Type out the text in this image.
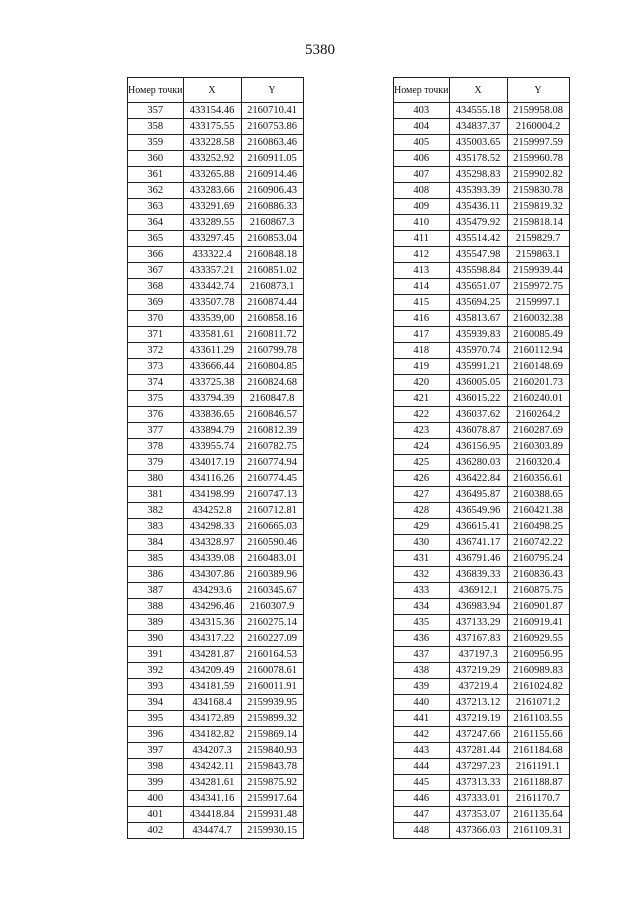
5380
Номер точки	X	Y
357	433154.46	2160710.41
358	433175.55	2160753.86
359	433228.58	2160863.46
360	433252.92	2160911.05
361	433265.88	2160914.46
362	433283.66	2160906.43
363	433291.69	2160886.33
364	433289.55	2160867.3
365	433297.45	2160853.04
366	433322.4	2160848.18
367	433357.21	2160851.02
368	433442.74	2160873.1
369	433507.78	2160874.44
370	433539,00	2160858.16
371	433581.61	2160811.72
372	433611.29	2160799.78
373	433666.44	2160804.85
374	433725.38	2160824.68
375	433794.39	2160847.8
376	433836.65	2160846.57
377	433894.79	2160812.39
378	433955.74	2160782.75
379	434017.19	2160774.94
380	434116.26	2160774.45
381	434198.99	2160747.13
382	434252.8	2160712.81
383	434298.33	2160665.03
384	434328.97	2160590.46
385	434339.08	2160483.01
386	434307.86	2160389.96
387	434293.6	2160345.67
388	434296.46	2160307.9
389	434315.36	2160275.14
390	434317.22	2160227.09
391	434281.87	2160164.53
392	434209.49	2160078.61
393	434181.59	2160011.91
394	434168.4	2159939.95
395	434172.89	2159899.32
396	434182.82	2159869.14
397	434207.3	2159840.93
398	434242.11	2159843.78
399	434281.61	2159875.92
400	434341.16	2159917.64
401	434418.84	2159931.48
402	434474.7	2159930.15
Номер точки	X	Y
403	434555.18	2159958.08
404	434837.37	2160004.2
405	435003.65	2159997.59
406	435178.52	2159960.78
407	435298.83	2159902.82
408	435393.39	2159830.78
409	435436.11	2159819.32
410	435479.92	2159818.14
411	435514.42	2159829.7
412	435547.98	2159863.1
413	435598.84	2159939.44
414	435651.07	2159972.75
415	435694.25	2159997.1
416	435813.67	2160032.38
417	435939.83	2160085.49
418	435970.74	2160112.94
419	435991.21	2160148.69
420	436005.05	2160201.73
421	436015.22	2160240.01
422	436037.62	2160264.2
423	436078.87	2160287.69
424	436156.95	2160303.89
425	436280.03	2160320.4
426	436422.84	2160356.61
427	436495.87	2160388.65
428	436549.96	2160421.38
429	436615.41	2160498.25
430	436741.17	2160742.22
431	436791.46	2160795.24
432	436839.33	2160836.43
433	436912.1	2160875.75
434	436983.94	2160901.87
435	437133.29	2160919.41
436	437167.83	2160929.55
437	437197.3	2160956.95
438	437219.29	2160989.83
439	437219.4	2161024.82
440	437213.12	2161071.2
441	437219.19	2161103.55
442	437247.66	2161155.66
443	437281.44	2161184.68
444	437297.23	2161191.1
445	437313.33	2161188.87
446	437333.01	2161170.7
447	437353.07	2161135.64
448	437366.03	2161109.31
